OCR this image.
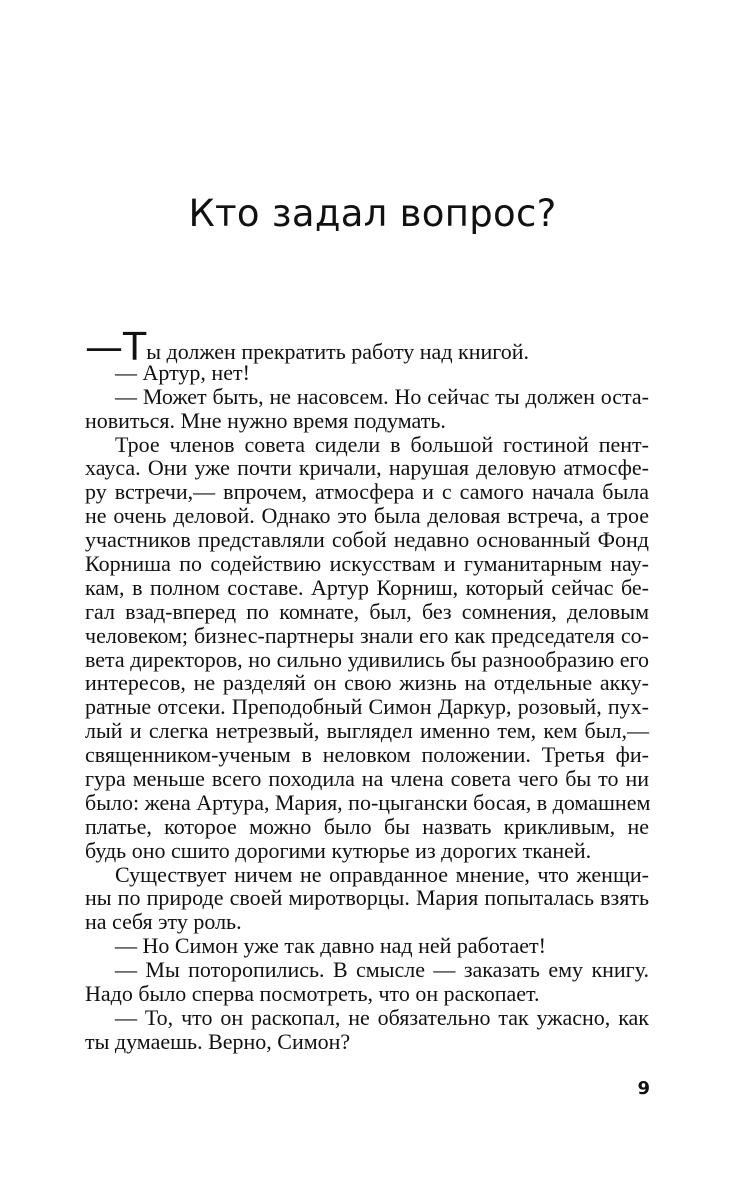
Кто задал вопрос?
—Ты должен прекратить работу над книгой.
— Артур, нет!
— Может быть, не насовсем. Но сейчас ты должен оста-
новиться. Мне нужно время подумать.
Трое членов совета сидели в большой гостиной пент-
хауса. Они уже почти кричали, нарушая деловую атмосфе-
ру встречи,— впрочем, атмосфера и с самого начала была
не очень деловой. Однако это была деловая встреча, а трое
участников представляли собой недавно основанный Фонд
Корниша по содействию искусствам и гуманитарным нау-
кам, в полном составе. Артур Корниш, который сейчас бе-
гал взад-вперед по комнате, был, без сомнения, деловым
человеком; бизнес-партнеры знали его как председателя со-
вета директоров, но сильно удивились бы разнообразию его
интересов, не разделяй он свою жизнь на отдельные акку-
ратные отсеки. Преподобный Симон Даркур, розовый, пух-
лый и слегка нетрезвый, выглядел именно тем, кем был,—
священником-ученым в неловком положении. Третья фи-
гура меньше всего походила на члена совета чего бы то ни
было: жена Артура, Мария, по-цыгански босая, в домашнем
платье, которое можно было бы назвать крикливым, не
будь оно сшито дорогими кутюрье из дорогих тканей.
Существует ничем не оправданное мнение, что женщи-
ны по природе своей миротворцы. Мария попыталась взять
на себя эту роль.
— Но Симон уже так давно над ней работает!
— Мы поторопились. В смысле — заказать ему книгу.
Надо было сперва посмотреть, что он раскопает.
— То, что он раскопал, не обязательно так ужасно, как
ты думаешь. Верно, Симон?
9
